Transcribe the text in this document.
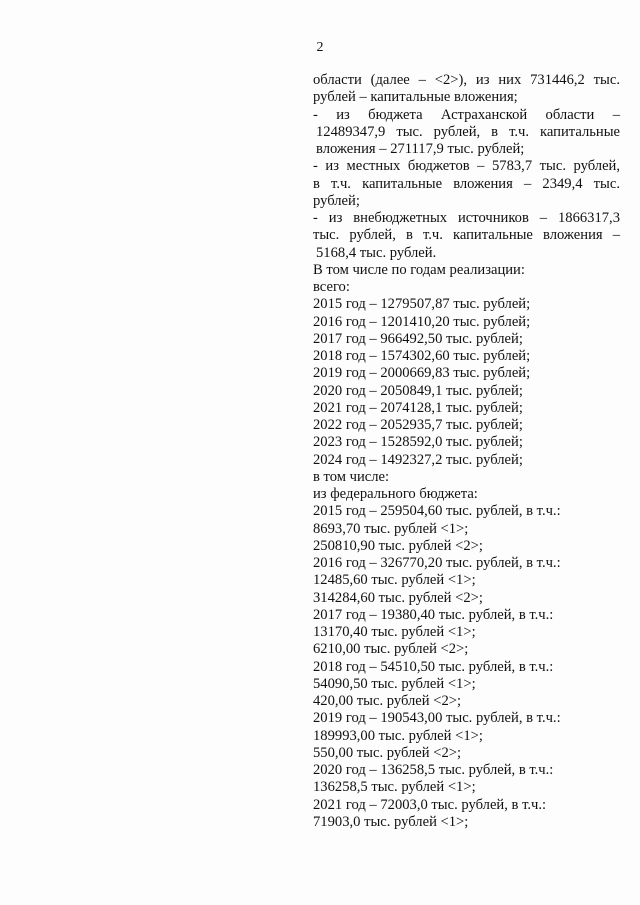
2
области (далее – <2>), из них 731446,2 тыс.
рублей – капитальные вложения;
- из бюджета Астраханской области –
12489347,9 тыс. рублей, в т.ч. капитальные
вложения – 271117,9 тыс. рублей;
- из местных бюджетов – 5783,7 тыс. рублей,
в т.ч. капитальные вложения – 2349,4 тыс.
рублей;
- из внебюджетных источников – 1866317,3
тыс. рублей, в т.ч. капитальные вложения –
5168,4 тыс. рублей.
В том числе по годам реализации:
всего:
2015 год – 1279507,87 тыс. рублей;
2016 год – 1201410,20 тыс. рублей;
2017 год – 966492,50 тыс. рублей;
2018 год – 1574302,60 тыс. рублей;
2019 год – 2000669,83 тыс. рублей;
2020 год – 2050849,1 тыс. рублей;
2021 год – 2074128,1 тыс. рублей;
2022 год – 2052935,7 тыс. рублей;
2023 год – 1528592,0 тыс. рублей;
2024 год – 1492327,2 тыс. рублей;
в том числе:
из федерального бюджета:
2015 год – 259504,60 тыс. рублей, в т.ч.:
8693,70 тыс. рублей <1>;
250810,90 тыс. рублей <2>;
2016 год – 326770,20 тыс. рублей, в т.ч.:
12485,60 тыс. рублей <1>;
314284,60 тыс. рублей <2>;
2017 год – 19380,40 тыс. рублей, в т.ч.:
13170,40 тыс. рублей <1>;
6210,00 тыс. рублей <2>;
2018 год – 54510,50 тыс. рублей, в т.ч.:
54090,50 тыс. рублей <1>;
420,00 тыс. рублей <2>;
2019 год – 190543,00 тыс. рублей, в т.ч.:
189993,00 тыс. рублей <1>;
550,00 тыс. рублей <2>;
2020 год – 136258,5 тыс. рублей, в т.ч.:
136258,5 тыс. рублей <1>;
2021 год – 72003,0 тыс. рублей, в т.ч.:
71903,0 тыс. рублей <1>;
